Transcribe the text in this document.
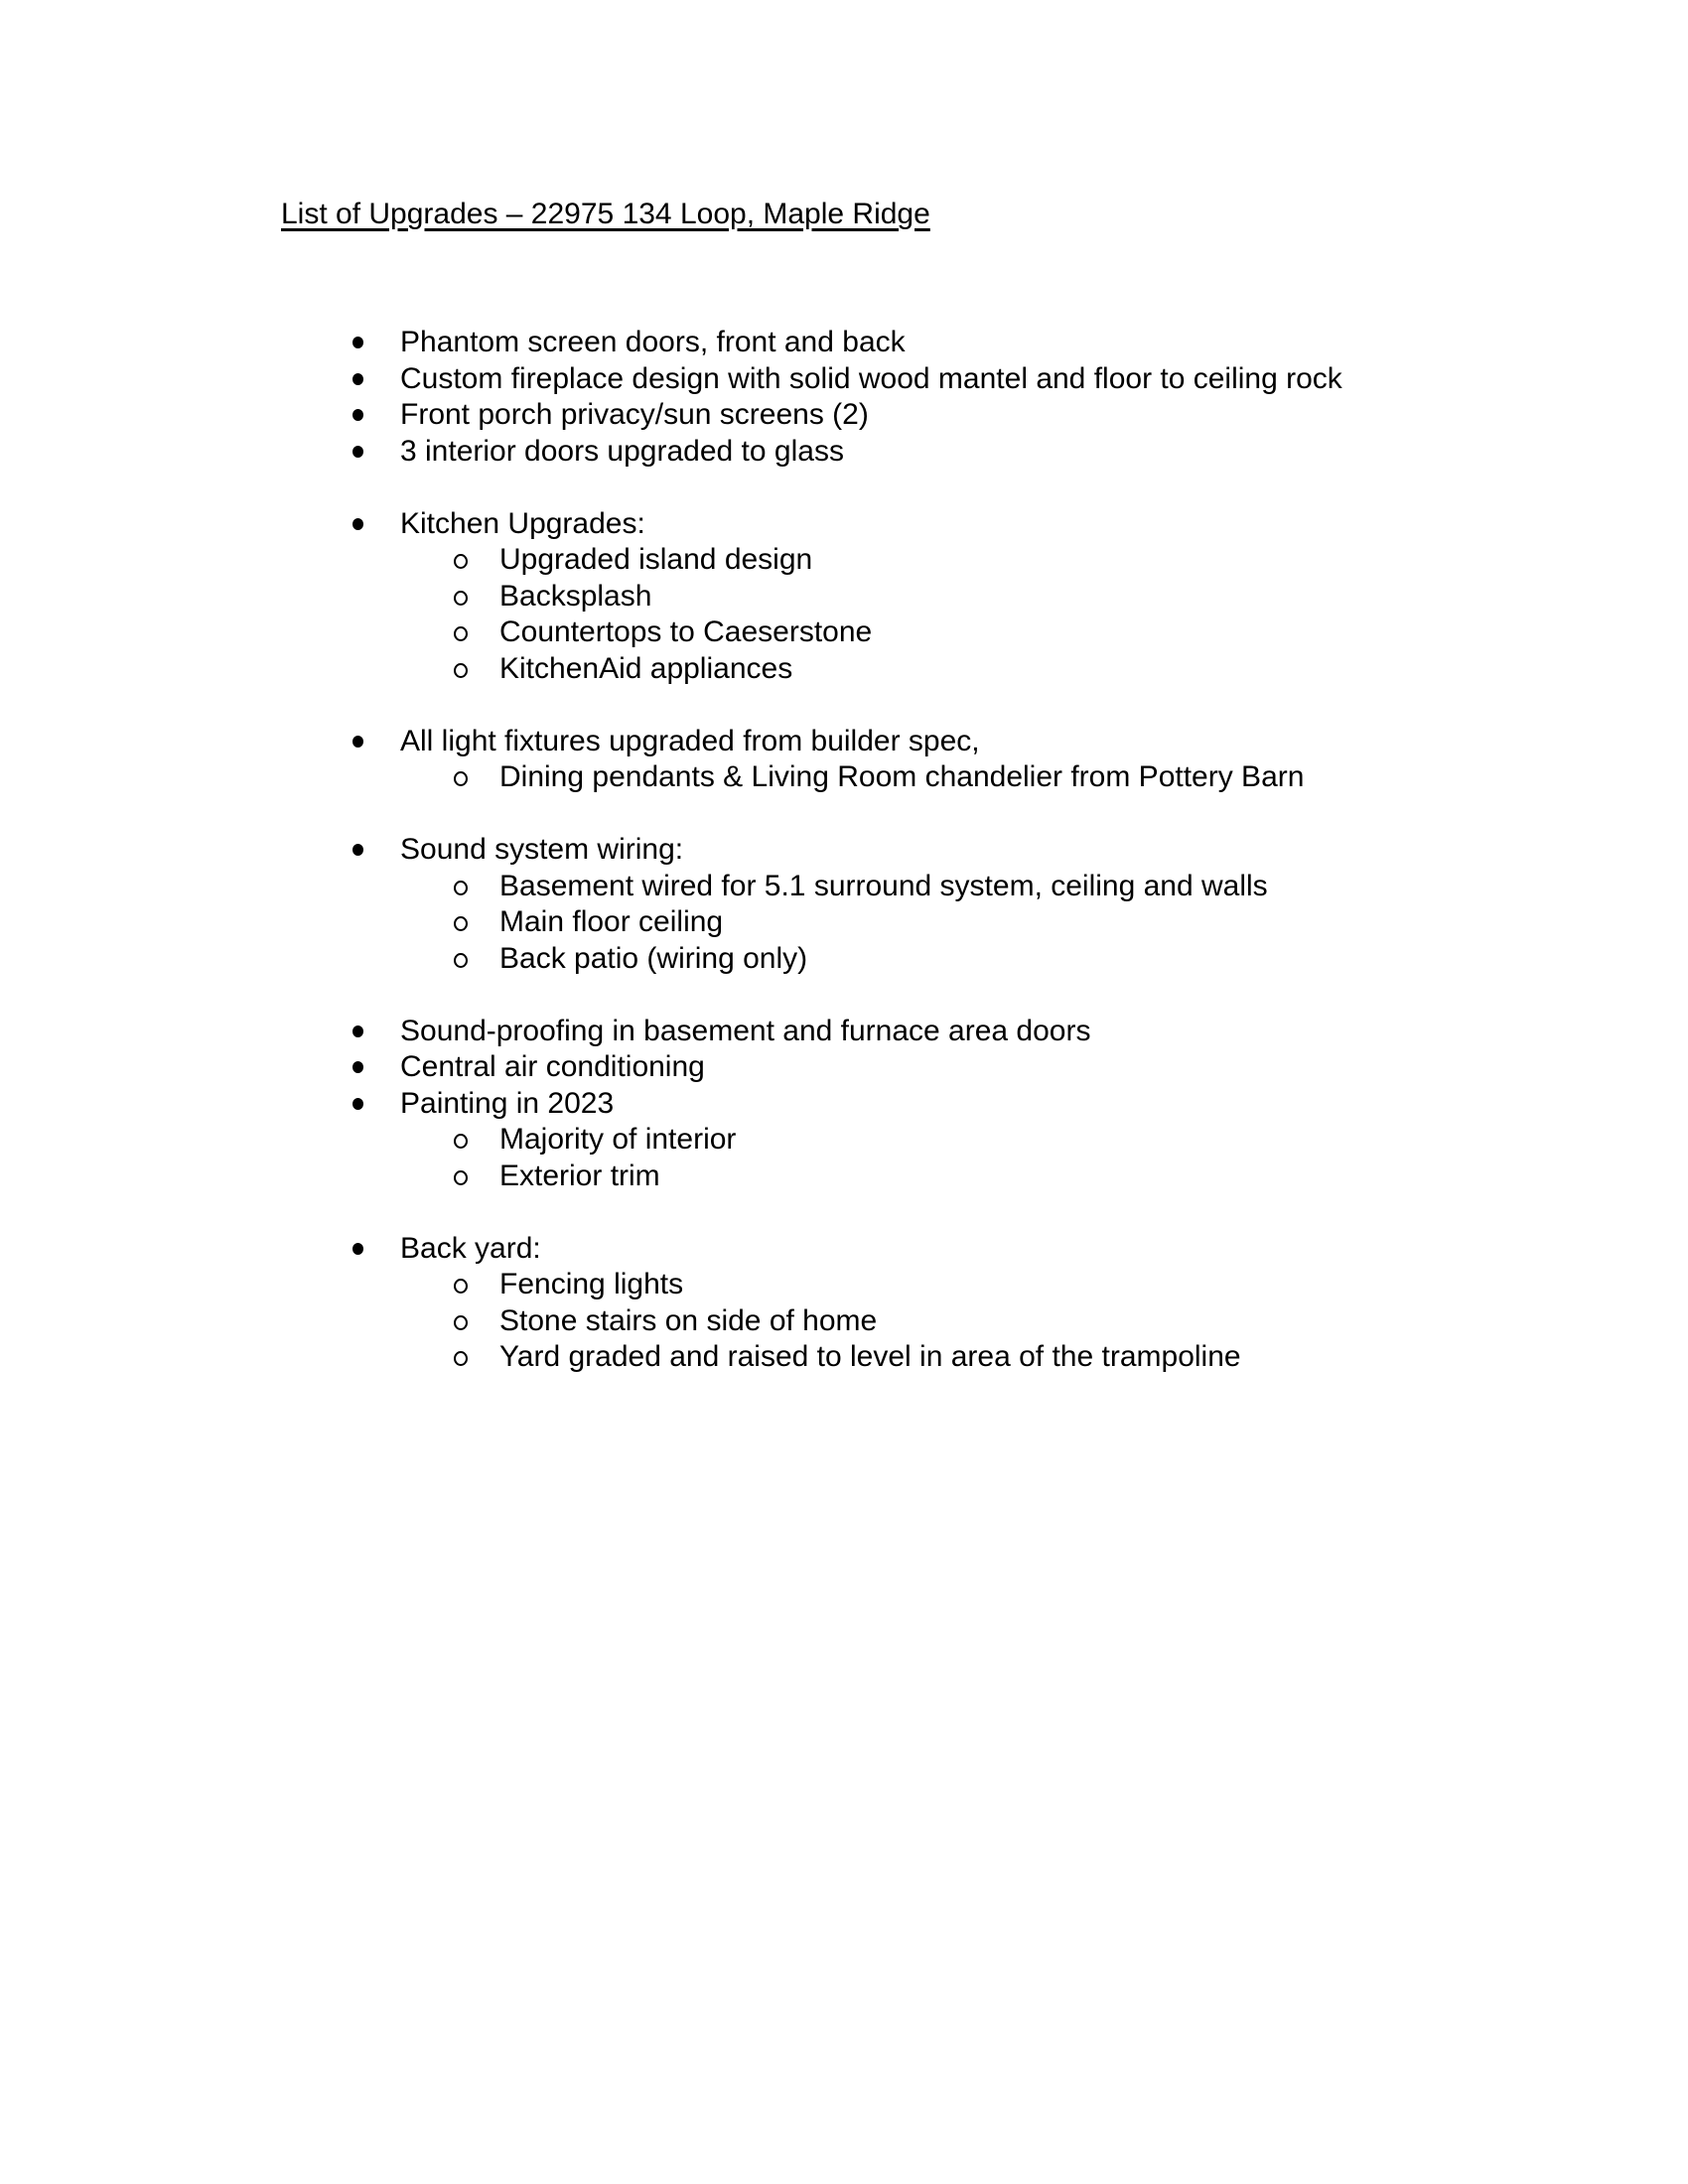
List of Upgrades – 22975 134 Loop, Maple Ridge
Phantom screen doors, front and back
Custom fireplace design with solid wood mantel and floor to ceiling rock
Front porch privacy/sun screens (2)
3 interior doors upgraded to glass
Kitchen Upgrades:
Upgraded island design
Backsplash
Countertops to Caeserstone
KitchenAid appliances
All light fixtures upgraded from builder spec,
Dining pendants & Living Room chandelier from Pottery Barn
Sound system wiring:
Basement wired for 5.1 surround system, ceiling and walls
Main floor ceiling
Back patio (wiring only)
Sound-proofing in basement and furnace area doors
Central air conditioning
Painting in 2023
Majority of interior
Exterior trim
Back yard:
Fencing lights
Stone stairs on side of home
Yard graded and raised to level in area of the trampoline
